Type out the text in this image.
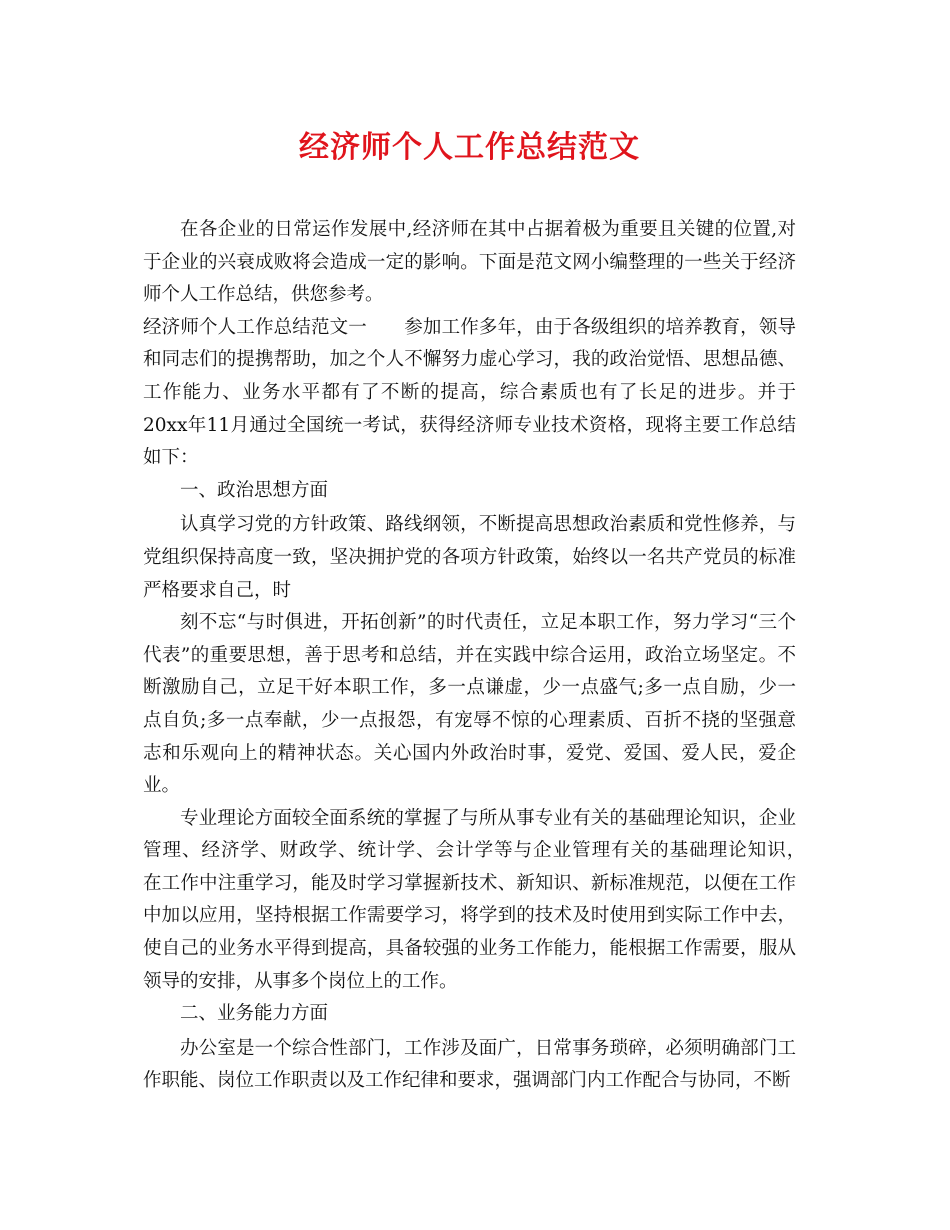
经济师个人工作总结范文

在各企业的日常运作发展中,经济师在其中占据着极为重要且关键的位置,对于企业的兴衰成败将会造成一定的影响。下面是范文网小编整理的一些关于经济师个人工作总结，供您参考。

经济师个人工作总结范文一　　参加工作多年，由于各级组织的培养教育，领导和同志们的提携帮助，加之个人不懈努力虚心学习，我的政治觉悟、思想品德、工作能力、业务水平都有了不断的提高，综合素质也有了长足的进步。并于20xx年11月通过全国统一考试，获得经济师专业技术资格，现将主要工作总结如下：

一、政治思想方面

认真学习党的方针政策、路线纲领，不断提高思想政治素质和党性修养，与党组织保持高度一致，坚决拥护党的各项方针政策，始终以一名共产党员的标准严格要求自己，时

刻不忘“与时俱进，开拓创新”的时代责任，立足本职工作，努力学习“三个代表”的重要思想，善于思考和总结，并在实践中综合运用，政治立场坚定。不断激励自己，立足干好本职工作，多一点谦虚，少一点盛气;多一点自励，少一点自负;多一点奉献，少一点报怨，有宠辱不惊的心理素质、百折不挠的坚强意志和乐观向上的精神状态。关心国内外政治时事，爱党、爱国、爱人民，爱企业。

专业理论方面较全面系统的掌握了与所从事专业有关的基础理论知识，企业管理、经济学、财政学、统计学、会计学等与企业管理有关的基础理论知识，　在工作中注重学习，能及时学习掌握新技术、新知识、新标准规范，以便在工作中加以应用，坚持根据工作需要学习，将学到的技术及时使用到实际工作中去，使自己的业务水平得到提高，具备较强的业务工作能力，能根据工作需要，服从领导的安排，从事多个岗位上的工作。

二、业务能力方面

办公室是一个综合性部门，工作涉及面广，日常事务琐碎，必须明确部门工作职能、岗位工作职责以及工作纪律和要求，强调部门内工作配合与协同，不断
